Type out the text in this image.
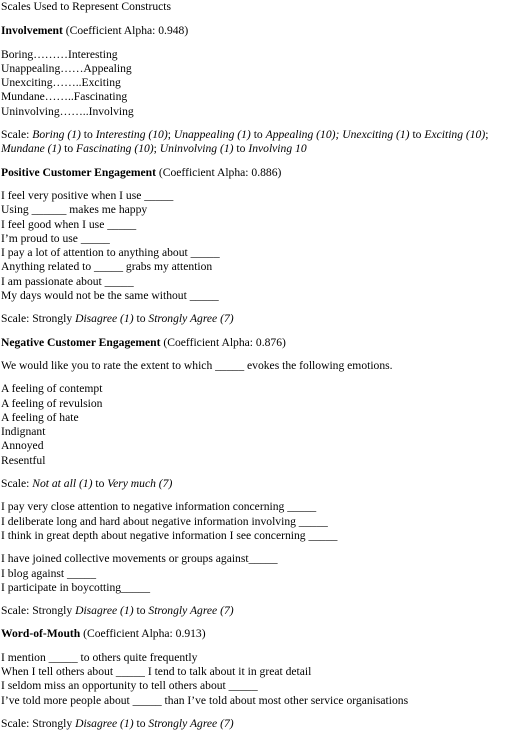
Scales Used to Represent Constructs
Involvement (Coefficient Alpha: 0.948)
Boring………Interesting
Unappealing……Appealing
Unexciting……..Exciting
Mundane……..Fascinating
Uninvolving……..Involving
Scale: Boring (1) to Interesting (10); Unappealing (1) to Appealing (10); Unexciting (1) to Exciting (10); Mundane (1) to Fascinating (10); Uninvolving (1) to Involving 10
Positive Customer Engagement (Coefficient Alpha: 0.886)
I feel very positive when I use _____
Using ______ makes me happy
I feel good when I use _____
I’m proud to use _____
I pay a lot of attention to anything about _____
Anything related to _____ grabs my attention
I am passionate about _____
My days would not be the same without _____
Scale: Strongly Disagree (1) to Strongly Agree (7)
Negative Customer Engagement (Coefficient Alpha: 0.876)
We would like you to rate the extent to which _____ evokes the following emotions.
A feeling of contempt
A feeling of revulsion
A feeling of hate
Indignant
Annoyed
Resentful
Scale: Not at all (1) to Very much (7)
I pay very close attention to negative information concerning _____
I deliberate long and hard about negative information involving _____
I think in great depth about negative information I see concerning _____
I have joined collective movements or groups against_____
I blog against _____
I participate in boycotting_____
Scale: Strongly Disagree (1) to Strongly Agree (7)
Word-of-Mouth (Coefficient Alpha: 0.913)
I mention _____ to others quite frequently
When I tell others about _____ I tend to talk about it in great detail
I seldom miss an opportunity to tell others about _____
I’ve told more people about _____ than I’ve told about most other service organisations
Scale: Strongly Disagree (1) to Strongly Agree (7)
